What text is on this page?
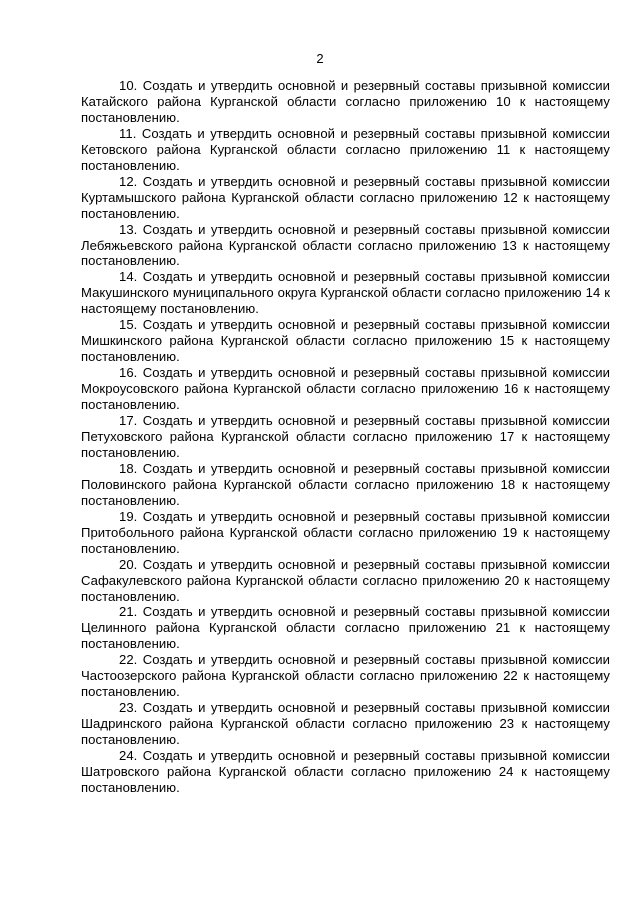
2

10. Создать и утвердить основной и резервный составы призывной комиссии Катайского района Курганской области согласно приложению 10 к настоящему постановлению.

11. Создать и утвердить основной и резервный составы призывной комиссии Кетовского района Курганской области согласно приложению 11 к настоящему постановлению.

12. Создать и утвердить основной и резервный составы призывной комиссии Куртамышского района Курганской области согласно приложению 12 к настоящему постановлению.

13. Создать и утвердить основной и резервный составы призывной комиссии Лебяжьевского района Курганской области согласно приложению 13 к настоящему постановлению.

14. Создать и утвердить основной и резервный составы призывной комиссии Макушинского муниципального округа Курганской области согласно приложению 14 к настоящему постановлению.

15. Создать и утвердить основной и резервный составы призывной комиссии Мишкинского района Курганской области согласно приложению 15 к настоящему постановлению.

16. Создать и утвердить основной и резервный составы призывной комиссии Мокроусовского района Курганской области согласно приложению 16 к настоящему постановлению.

17. Создать и утвердить основной и резервный составы призывной комиссии Петуховского района Курганской области согласно приложению 17 к настоящему постановлению.

18. Создать и утвердить основной и резервный составы призывной комиссии Половинского района Курганской области согласно приложению 18 к настоящему постановлению.

19. Создать и утвердить основной и резервный составы призывной комиссии Притобольного района Курганской области согласно приложению 19 к настоящему постановлению.

20. Создать и утвердить основной и резервный составы призывной комиссии Сафакулевского района Курганской области согласно приложению 20 к настоящему постановлению.

21. Создать и утвердить основной и резервный составы призывной комиссии Целинного района Курганской области согласно приложению 21 к настоящему постановлению.

22. Создать и утвердить основной и резервный составы призывной комиссии Частоозерского района Курганской области согласно приложению 22 к настоящему постановлению.

23. Создать и утвердить основной и резервный составы призывной комиссии Шадринского района Курганской области согласно приложению 23 к настоящему постановлению.

24. Создать и утвердить основной и резервный составы призывной комиссии Шатровского района Курганской области согласно приложению 24 к настоящему постановлению.
